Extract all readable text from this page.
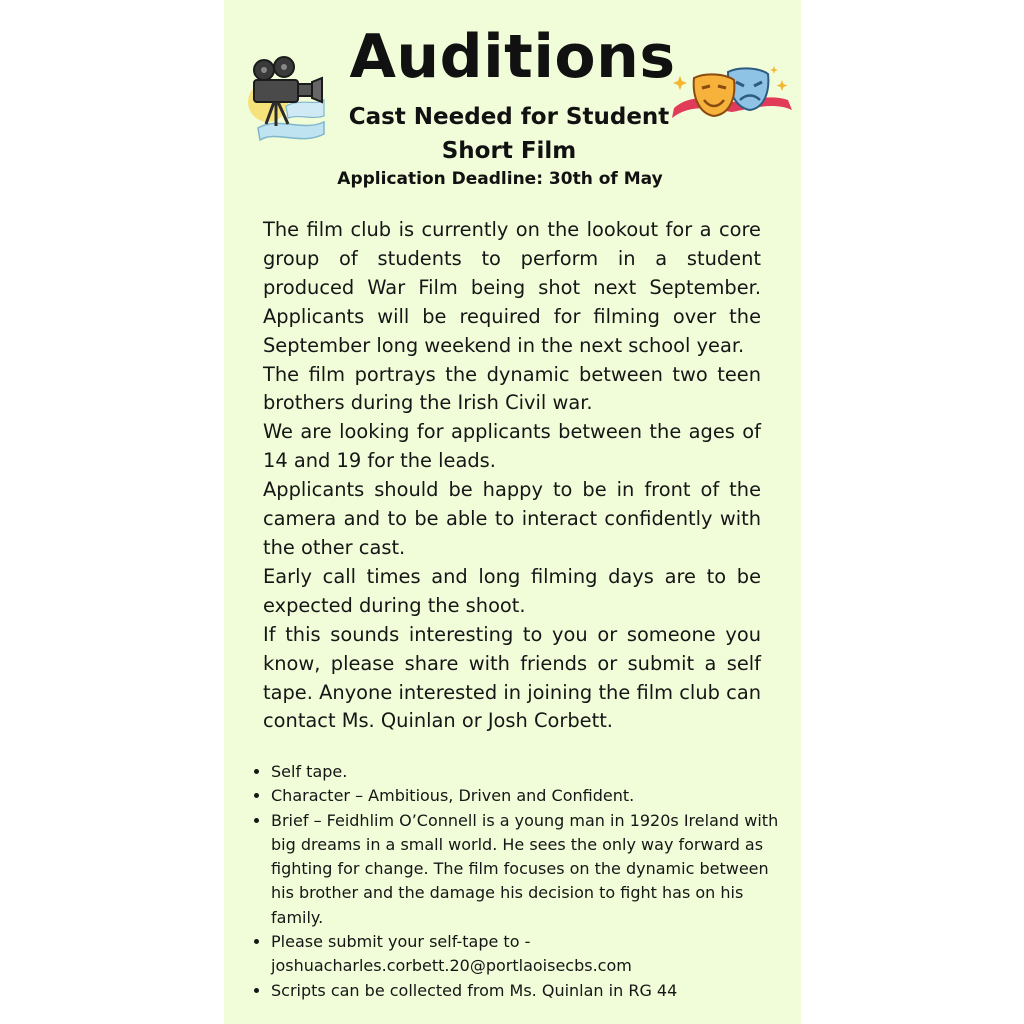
Auditions
Cast Needed for Student Short Film
Application Deadline: 30th of May

The film club is currently on the lookout for a core group of students to perform in a student produced War Film being shot next September. Applicants will be required for filming over the September long weekend in the next school year.

The film portrays the dynamic between two teen brothers during the Irish Civil war.

We are looking for applicants between the ages of 14 and 19 for the leads.

Applicants should be happy to be in front of the camera and to be able to interact confidently with the other cast.

Early call times and long filming days are to be expected during the shoot.

If this sounds interesting to you or someone you know, please share with friends or submit a self tape. Anyone interested in joining the film club can contact Ms. Quinlan or Josh Corbett.

• Self tape.
• Character – Ambitious, Driven and Confident.
• Brief – Feidhlim O’Connell is a young man in 1920s Ireland with big dreams in a small world. He sees the only way forward as fighting for change. The film focuses on the dynamic between his brother and the damage his decision to fight has on his family.
• Please submit your self-tape to - joshuacharles.corbett.20@portlaoisecbs.com
• Scripts can be collected from Ms. Quinlan in RG 44
